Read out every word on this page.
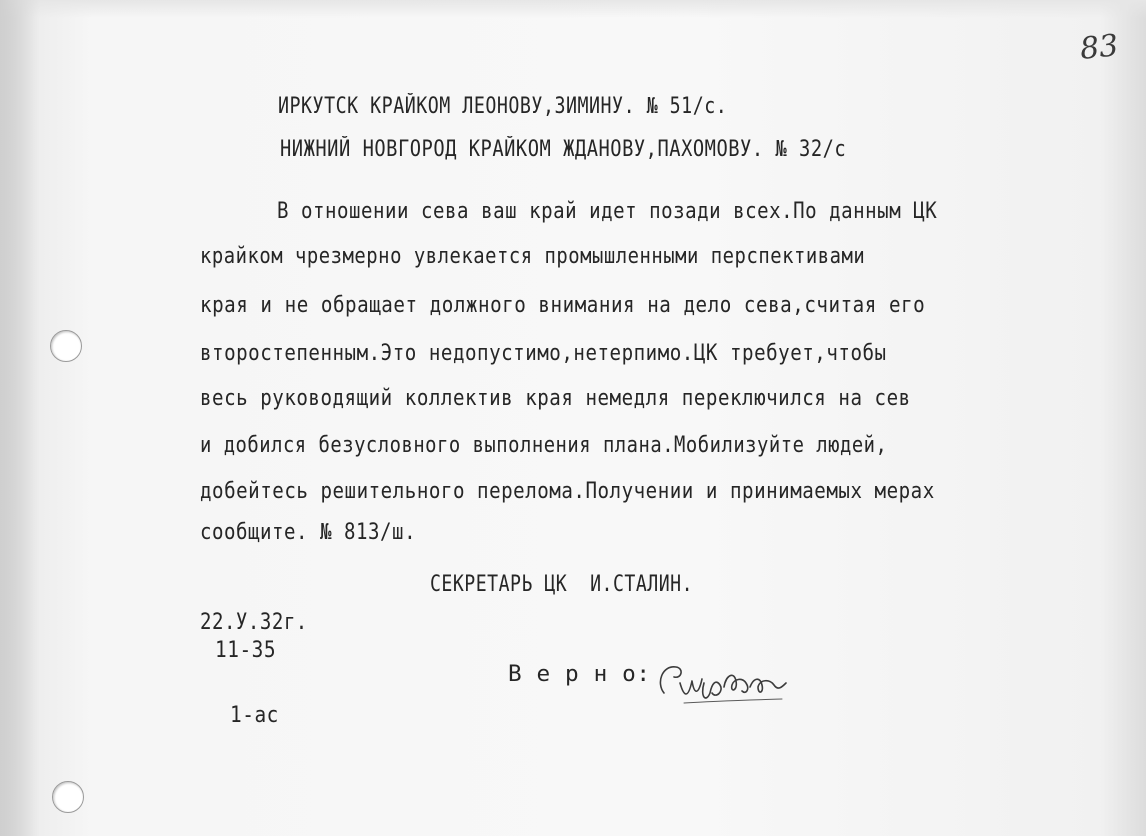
83

ИРКУТСК КРАЙКОМ ЛЕОНОВУ,ЗИМИНУ. № 51/с.

НИЖНИЙ НОВГОРОД КРАЙКОМ ЖДАНОВУ,ПАХОМОВУ. № 32/с

В отношении сева ваш край идет позади всех.По данным ЦК

крайком чрезмерно увлекается промышленными перспективами

края и не обращает должного внимания на дело сева,считая его

второстепенным.Это недопустимо,нетерпимо.ЦК требует,чтобы

весь руководящий коллектив края немедля переключился на сев

и добился безусловного выполнения плана.Мобилизуйте людей,

добейтесь решительного перелома.Получении и принимаемых мерах

сообщите. № 813/ш.

СЕКРЕТАРЬ ЦК  И.СТАЛИН.

22.У.32г.

11-35

В е р н о:

1-ас
